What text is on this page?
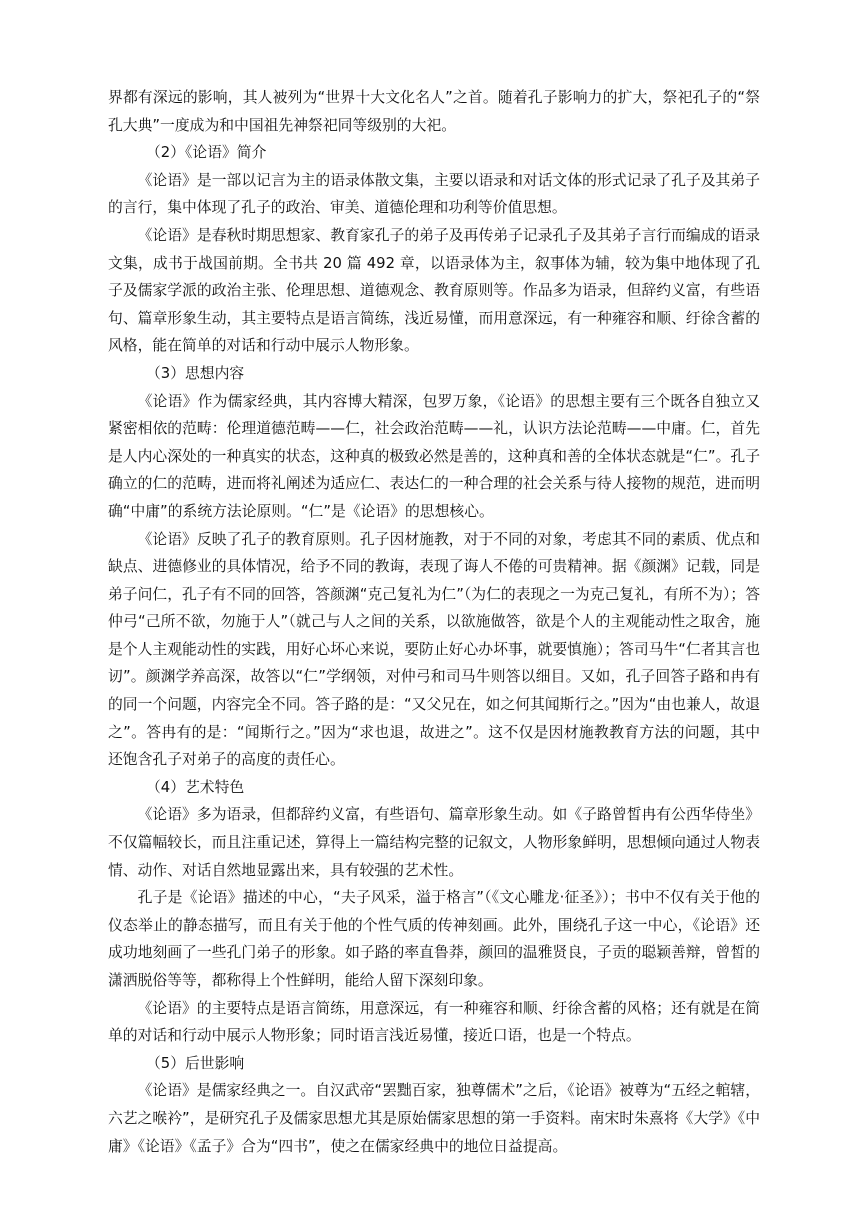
界都有深远的影响，其人被列为“世界十大文化名人”之首。随着孔子影响力的扩大，祭祀孔子的“祭孔大典”一度成为和中国祖先神祭祀同等级别的大祀。

（2）《论语》简介

《论语》是一部以记言为主的语录体散文集，主要以语录和对话文体的形式记录了孔子及其弟子的言行，集中体现了孔子的政治、审美、道德伦理和功利等价值思想。

《论语》是春秋时期思想家、教育家孔子的弟子及再传弟子记录孔子及其弟子言行而编成的语录文集，成书于战国前期。全书共 20 篇 492 章，以语录体为主，叙事体为辅，较为集中地体现了孔子及儒家学派的政治主张、伦理思想、道德观念、教育原则等。作品多为语录，但辞约义富，有些语句、篇章形象生动，其主要特点是语言简练，浅近易懂，而用意深远，有一种雍容和顺、纡徐含蓄的风格，能在简单的对话和行动中展示人物形象。

（3）思想内容

《论语》作为儒家经典，其内容博大精深，包罗万象，《论语》的思想主要有三个既各自独立又紧密相依的范畴：伦理道德范畴——仁，社会政治范畴——礼，认识方法论范畴——中庸。仁，首先是人内心深处的一种真实的状态，这种真的极致必然是善的，这种真和善的全体状态就是“仁”。孔子确立的仁的范畴，进而将礼阐述为适应仁、表达仁的一种合理的社会关系与待人接物的规范，进而明确“中庸”的系统方法论原则。“仁”是《论语》的思想核心。

《论语》反映了孔子的教育原则。孔子因材施教，对于不同的对象，考虑其不同的素质、优点和缺点、进德修业的具体情况，给予不同的教诲，表现了诲人不倦的可贵精神。据《颜渊》记载，同是弟子问仁，孔子有不同的回答，答颜渊“克己复礼为仁”（为仁的表现之一为克己复礼，有所不为）；答仲弓“己所不欲，勿施于人”（就己与人之间的关系，以欲施做答，欲是个人的主观能动性之取舍，施是个人主观能动性的实践，用好心坏心来说，要防止好心办坏事，就要慎施）；答司马牛“仁者其言也讱”。颜渊学养高深，故答以“仁”学纲领，对仲弓和司马牛则答以细目。又如，孔子回答子路和冉有的同一个问题，内容完全不同。答子路的是：“又父兄在，如之何其闻斯行之。”因为“由也兼人，故退之”。答冉有的是：“闻斯行之。”因为“求也退，故进之”。这不仅是因材施教教育方法的问题，其中还饱含孔子对弟子的高度的责任心。

（4）艺术特色

《论语》多为语录，但都辞约义富，有些语句、篇章形象生动。如《子路曾皙冉有公西华侍坐》不仅篇幅较长，而且注重记述，算得上一篇结构完整的记叙文，人物形象鲜明，思想倾向通过人物表情、动作、对话自然地显露出来，具有较强的艺术性。

孔子是《论语》描述的中心，“夫子风采，溢于格言”（《文心雕龙·征圣》）；书中不仅有关于他的仪态举止的静态描写，而且有关于他的个性气质的传神刻画。此外，围绕孔子这一中心，《论语》还成功地刻画了一些孔门弟子的形象。如子路的率直鲁莽，颜回的温雅贤良，子贡的聪颖善辩，曾皙的潇洒脱俗等等，都称得上个性鲜明，能给人留下深刻印象。

《论语》的主要特点是语言简练，用意深远，有一种雍容和顺、纡徐含蓄的风格；还有就是在简单的对话和行动中展示人物形象；同时语言浅近易懂，接近口语，也是一个特点。

（5）后世影响

《论语》是儒家经典之一。自汉武帝“罢黜百家，独尊儒术”之后，《论语》被尊为“五经之輨辖，六艺之喉衿”，是研究孔子及儒家思想尤其是原始儒家思想的第一手资料。南宋时朱熹将《大学》《中庸》《论语》《孟子》合为“四书”，使之在儒家经典中的地位日益提高。
